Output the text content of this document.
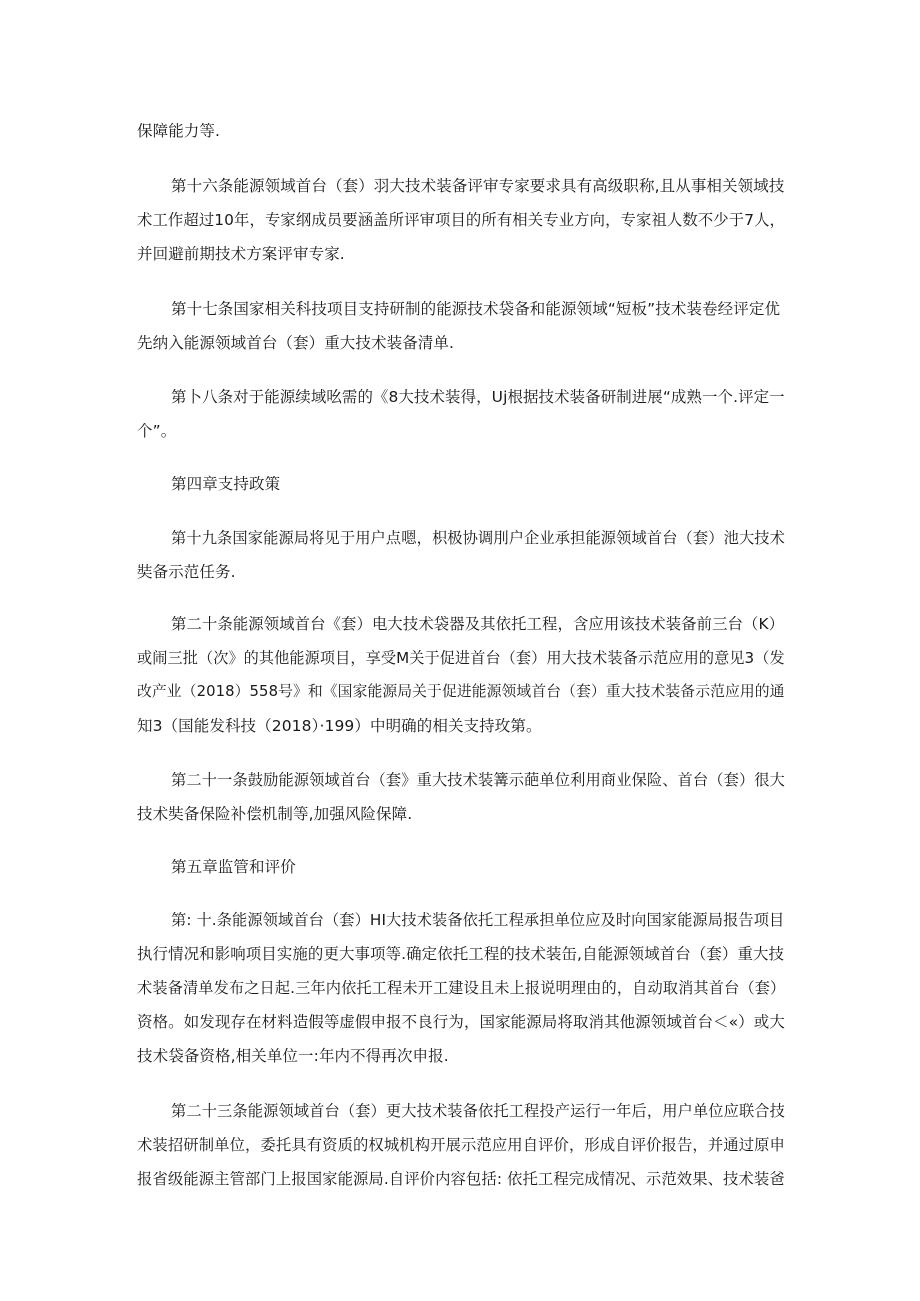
保障能力等.
第十六条能源领域首台（套）羽大技术装备评审专家要求具有高级职称,且从事相关领域技
术工作超过10年，专家纲成员要涵盖所评审项目的所有相关专业方向，专家祖人数不少于7人，
并回避前期技术方案评审专家.
第十七条国家相关科技项目支持研制的能源技术袋备和能源领域“短板”技术装卷经评定优
先纳入能源领域首台（套）重大技术装备清单.
第卜八条对于能源续域吆需的《8大技术装得，Uj根据技术装备研制进展“成熟一个.评定一
个”。
第四章支持政策
第十九条国家能源局将见于用户点嗯，枳极协调刖户企业承担能源领域首台（套）池大技术
奘备示范任务.
第二十条能源领域首台《套）电大技术袋器及其依托工程，含应用该技术装备前三台（K）
或闹三批（次》的其他能源项目，享受M关于促进首台（套）用大技术装备示范应用的意见3（发
改产业（2018）558号》和《国家能源局关于促进能源领域首台（套）重大技术装备示范应用的通
知3（国能发科技（2018）·199）中明确的相关支持玫第。
第二十一条鼓励能源领域首台（套》重大技术装篝示葩单位利用商业保险、首台（套）很大
技术奘备保险补偿机制等,加强风险保障.
第五章监管和评价
第: 十.条能源领域首台（套）HI大技术装备依托工程承担单位应及时向国家能源局报告项目
执行情况和影响项目实施的更大事项等.确定依托工程的技术装缶,自能源领域首台（套）重大技
术装备清单发布之日起.三年内依托工程未开工建设且未上报说明理由的，自动取消其首台（套）
资格。如发现存在材料造假等虚假申报不良行为，国家能源局将取消其他源领域首台＜«）或大
技术袋备资格,相关单位一:年内不得再次申报.
第二十三条能源领域首台（套）更大技术装备依托工程投产运行一年后，用户单位应联合技
术装招研制单位，委托具有资质的权城机构开展示范应用自评价，形成自评价报告，并通过原申
报省级能源主管部门上报国家能源局.自评价内容包括: 依托工程完成情况、示范效果、技术装爸
